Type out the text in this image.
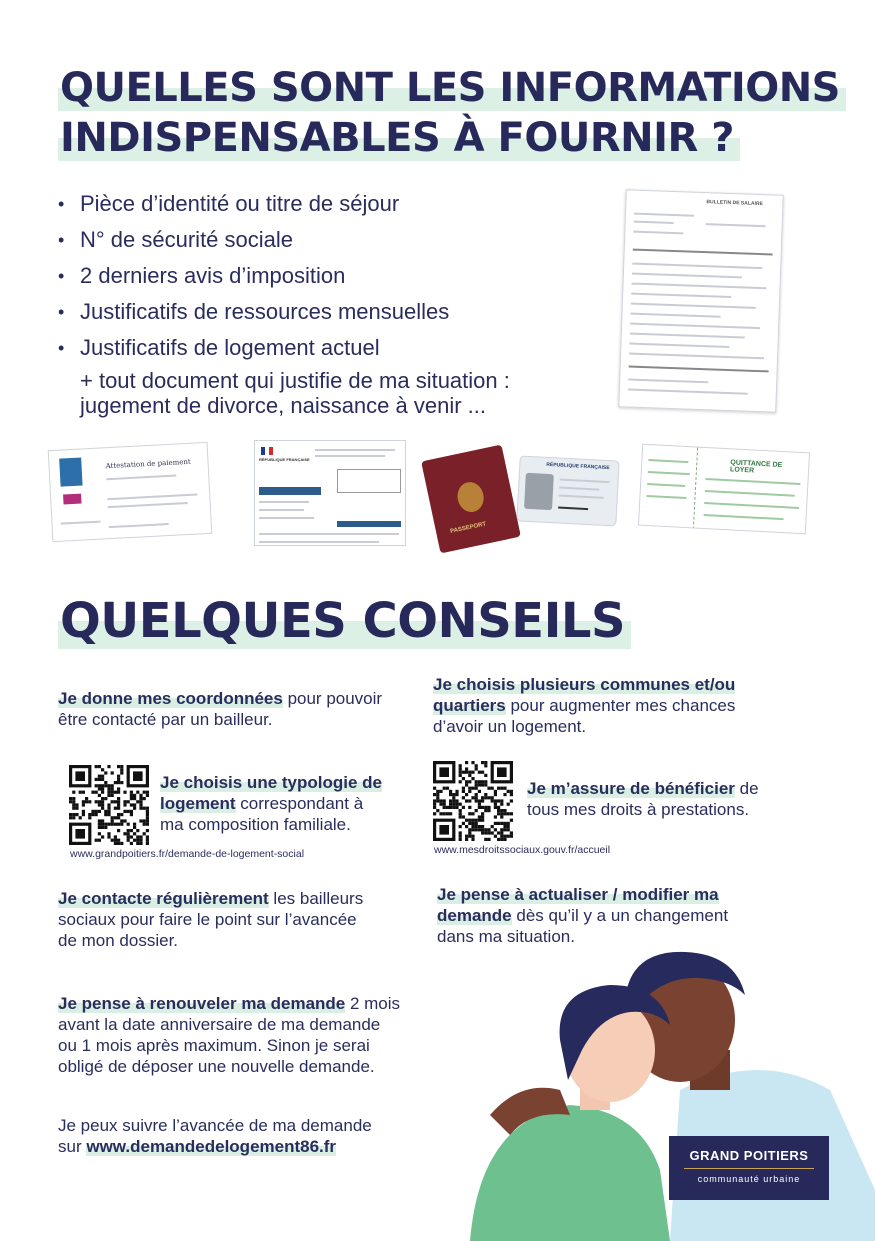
QUELLES SONT LES INFORMATIONS
INDISPENSABLES À FOURNIR ?
• Pièce d’identité ou titre de séjour
• N° de sécurité sociale
• 2 derniers avis d’imposition
• Justificatifs de ressources mensuelles
• Justificatifs de logement actuel
+ tout document qui justifie de ma situation :
jugement de divorce, naissance à venir ...
BULLETIN DE SALAIRE
Attestation de paiement	RÉPUBLIQUE FRANÇAISE
PASSEPORT
RÉPUBLIQUE FRANÇAISE	QUITTANCE DE LOYER
QUELQUES CONSEILS
Je donne mes coordonnées pour pouvoir
être contacté par un bailleur.
Je choisis plusieurs communes et/ou
quartiers pour augmenter mes chances
d’avoir un logement.
Je choisis une typologie de
logement correspondant à
ma composition familiale.
www.grandpoitiers.fr/demande-de-logement-social
Je m’assure de bénéficier de
tous mes droits à prestations.
www.mesdroitssociaux.gouv.fr/accueil
Je contacte régulièrement les bailleurs
sociaux pour faire le point sur l’avancée
de mon dossier.
Je pense à actualiser / modifier ma
demande dès qu’il y a un changement
dans ma situation.
Je pense à renouveler ma demande 2 mois
avant la date anniversaire de ma demande
ou 1 mois après maximum. Sinon je serai
obligé de déposer une nouvelle demande.
Je peux suivre l’avancée de ma demande
sur www.demandedelogement86.fr	GRAND POITIERS
communauté urbaine
